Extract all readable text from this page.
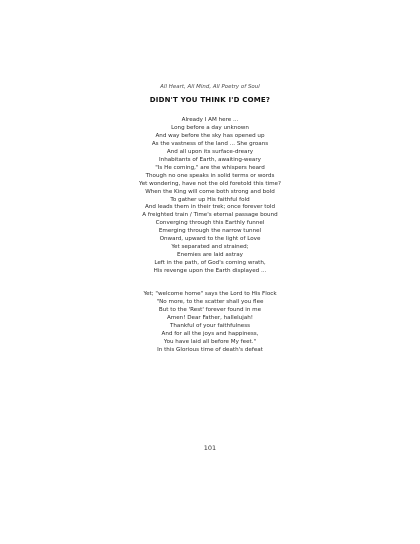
All Heart, All Mind, All Poetry of Soul
DIDN'T YOU THINK I'D COME?
Already I AM here ...
Long before a day unknown
And way before the sky has opened up
As the vastness of the land ... She groans
And all upon its surface-dreary
Inhabitants of Earth, awaiting-weary
"Is He coming," are the whispers heard
Though no one speaks in solid terms or words
Yet wondering, have not the old foretold this time?
When the King will come both strong and bold
To gather up His faithful fold
And leads them in their trek; once forever told
A freighted train / Time's eternal passage bound
Converging through this Earthly funnel
Emerging through the narrow tunnel
Onward, upward to the light of Love
Yet separated and strained;
Enemies are laid astray
Left in the path, of God's coming wrath,
His revenge upon the Earth displayed ...
Yet; "welcome home" says the Lord to His Flock
"No more, to the scatter shall you flee
But to the 'Rest' forever found in me
Amen! Dear Father, hallelujah!
Thankful of your faithfulness
And for all the joys and happiness,
You have laid all before My feet."
In this Glorious time of death's defeat
101
